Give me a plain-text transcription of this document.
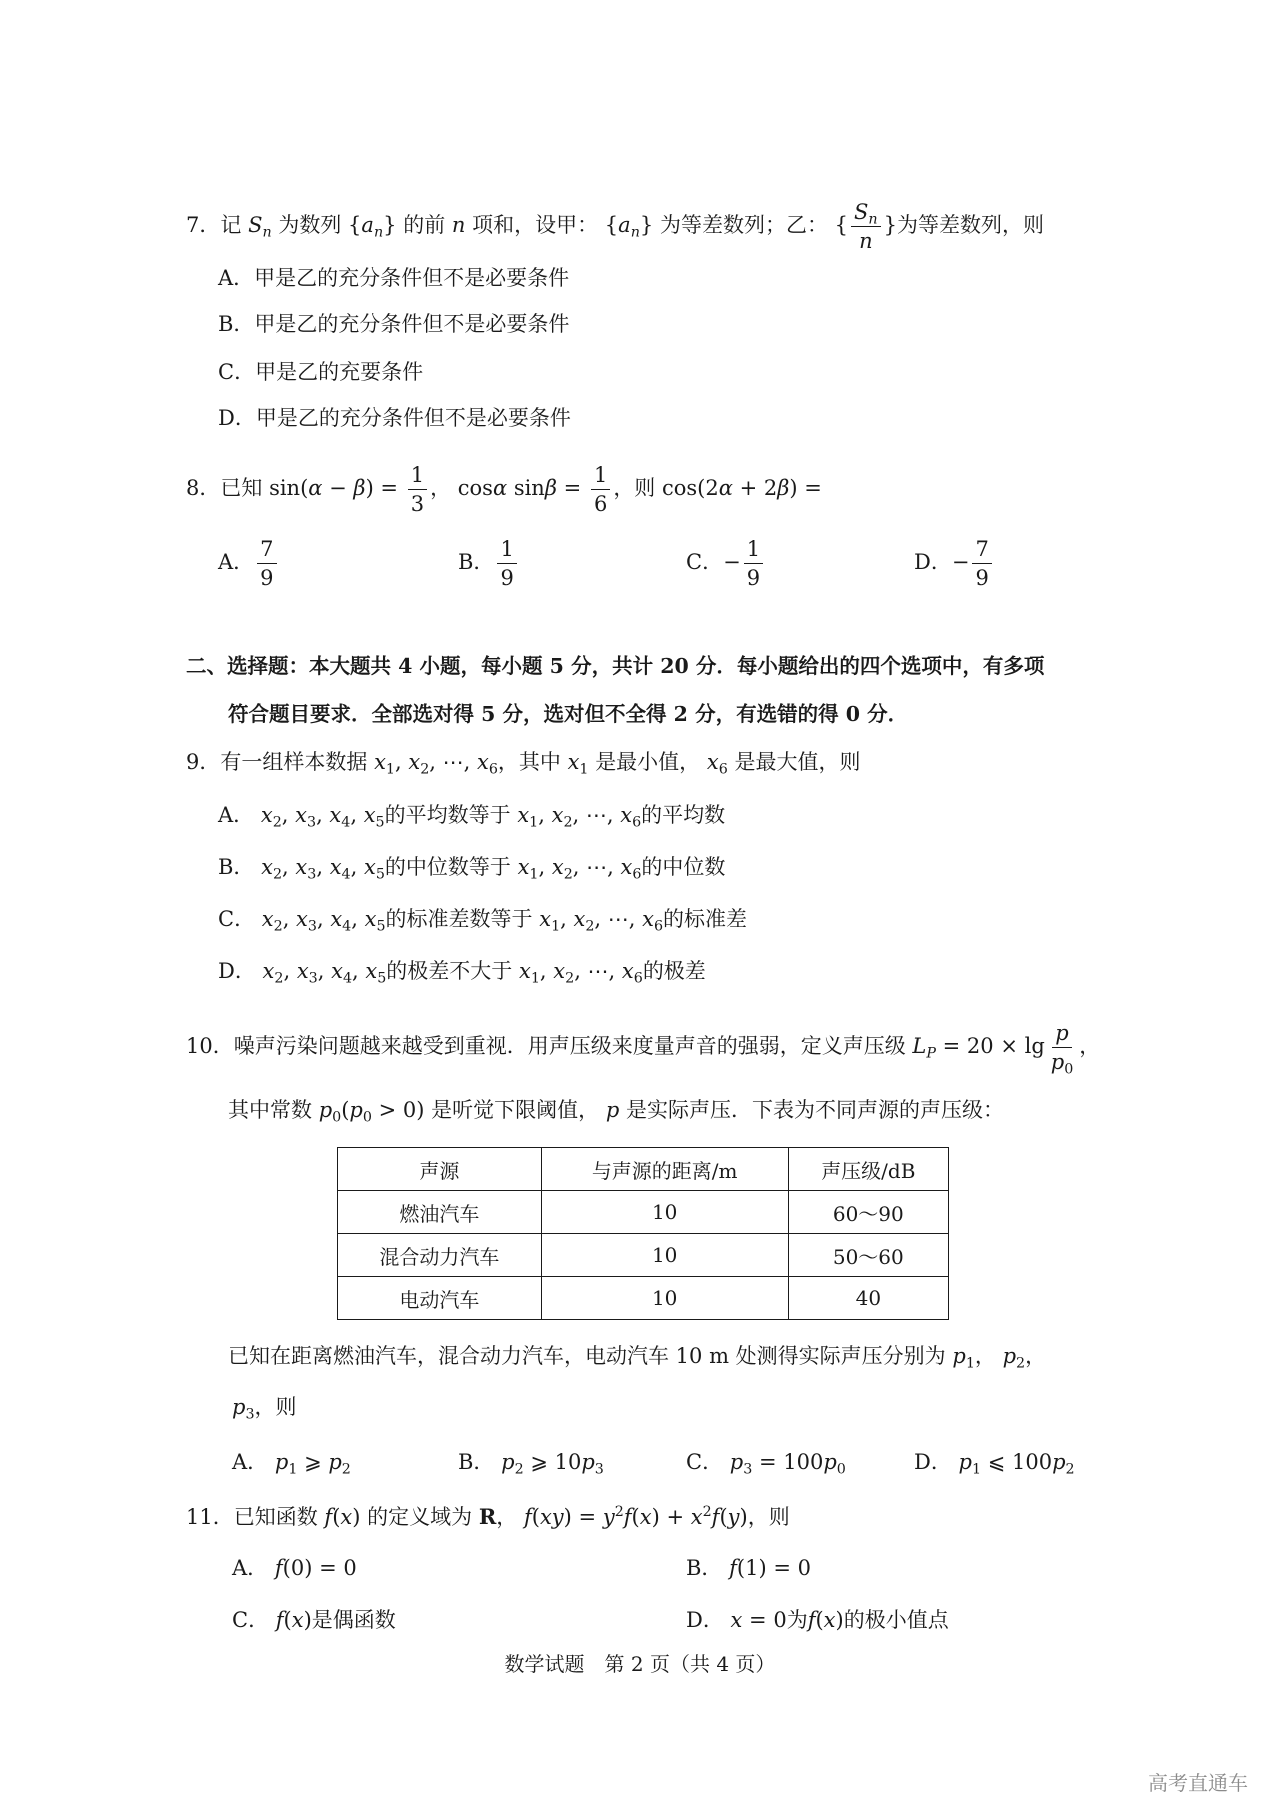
7．记 $S_n$ 为数列 $\{a_n\}$ 的前 n 项和，设甲： $\{a_n\}$ 为等差数列；乙： { $\frac{S_n}{n}$ }为等差数列，则
A．甲是乙的充分条件但不是必要条件
B．甲是乙的充分条件但不是必要条件
C．甲是乙的充要条件
D．甲是乙的充分条件但不是必要条件
8．已知 $\sin(\alpha - \beta) = \frac{1}{3}$ ， cosα $\sin\beta = \frac{1}{6}$ ，则 cos(2α + 2β) =
A． $\frac{7}{9}$	B． $\frac{1}{9}$	C．− $\frac{1}{9}$	D．− $\frac{7}{9}$
二、选择题：本大题共 4 小题，每小题 5 分，共计 20 分．每小题给出的四个选项中，有多项
符合题目要求．全部选对得 5 分，选对但不全得 2 分，有选错的得 0 分．
9．有一组样本数据 $x_1$, $x_2$, ⋯, $x_6$，其中 $x_1$ 是最小值， $x_6$ 是最大值，则
A． $x_2$, $x_3$, $x_4$, $x_5$的平均数等于 $x_1$, $x_2$, ⋯, $x_6$的平均数
B． $x_2$, $x_3$, $x_4$, $x_5$的中位数等于 $x_1$, $x_2$, ⋯, $x_6$的中位数
C． $x_2$, $x_3$, $x_4$, $x_5$的标准差数等于 $x_1$, $x_2$, ⋯, $x_6$的标准差
D． $x_2$, $x_3$, $x_4$, $x_5$的极差不大于 $x_1$, $x_2$, ⋯, $x_6$的极差
10．噪声污染问题越来越受到重视．用声压级来度量声音的强弱，定义声压级 $L_P = 20 \times \lg \frac{p}{p_0}$ ，
其中常数 $p_0(p_0 > 0)$ 是听觉下限阈值， p 是实际声压．下表为不同声源的声压级：
声源	与声源的距离/m	声压级/dB
燃油汽车	10	60～90
混合动力汽车	10	50～60
电动汽车	10	40
已知在距离燃油汽车，混合动力汽车，电动汽车 10 m 处测得实际声压分别为 $p_1$， $p_2$，
$p_3$，则
A． $p_1$ ⩾ $p_2$	B． $p_2$ ⩾ $10p_3$	C． $p_3 = 100p_0$	D． $p_1$ ⩽ $100p_2$
11．已知函数 f(x) 的定义域为 R， $f(xy) = y^2f(x) + x^2f(y)$，则
A． f(0) = 0	B． f(1) = 0
C． f(x)是偶函数	D． x = 0为f(x)的极小值点
数学试题　第 2 页（共 4 页）
高考直通车
